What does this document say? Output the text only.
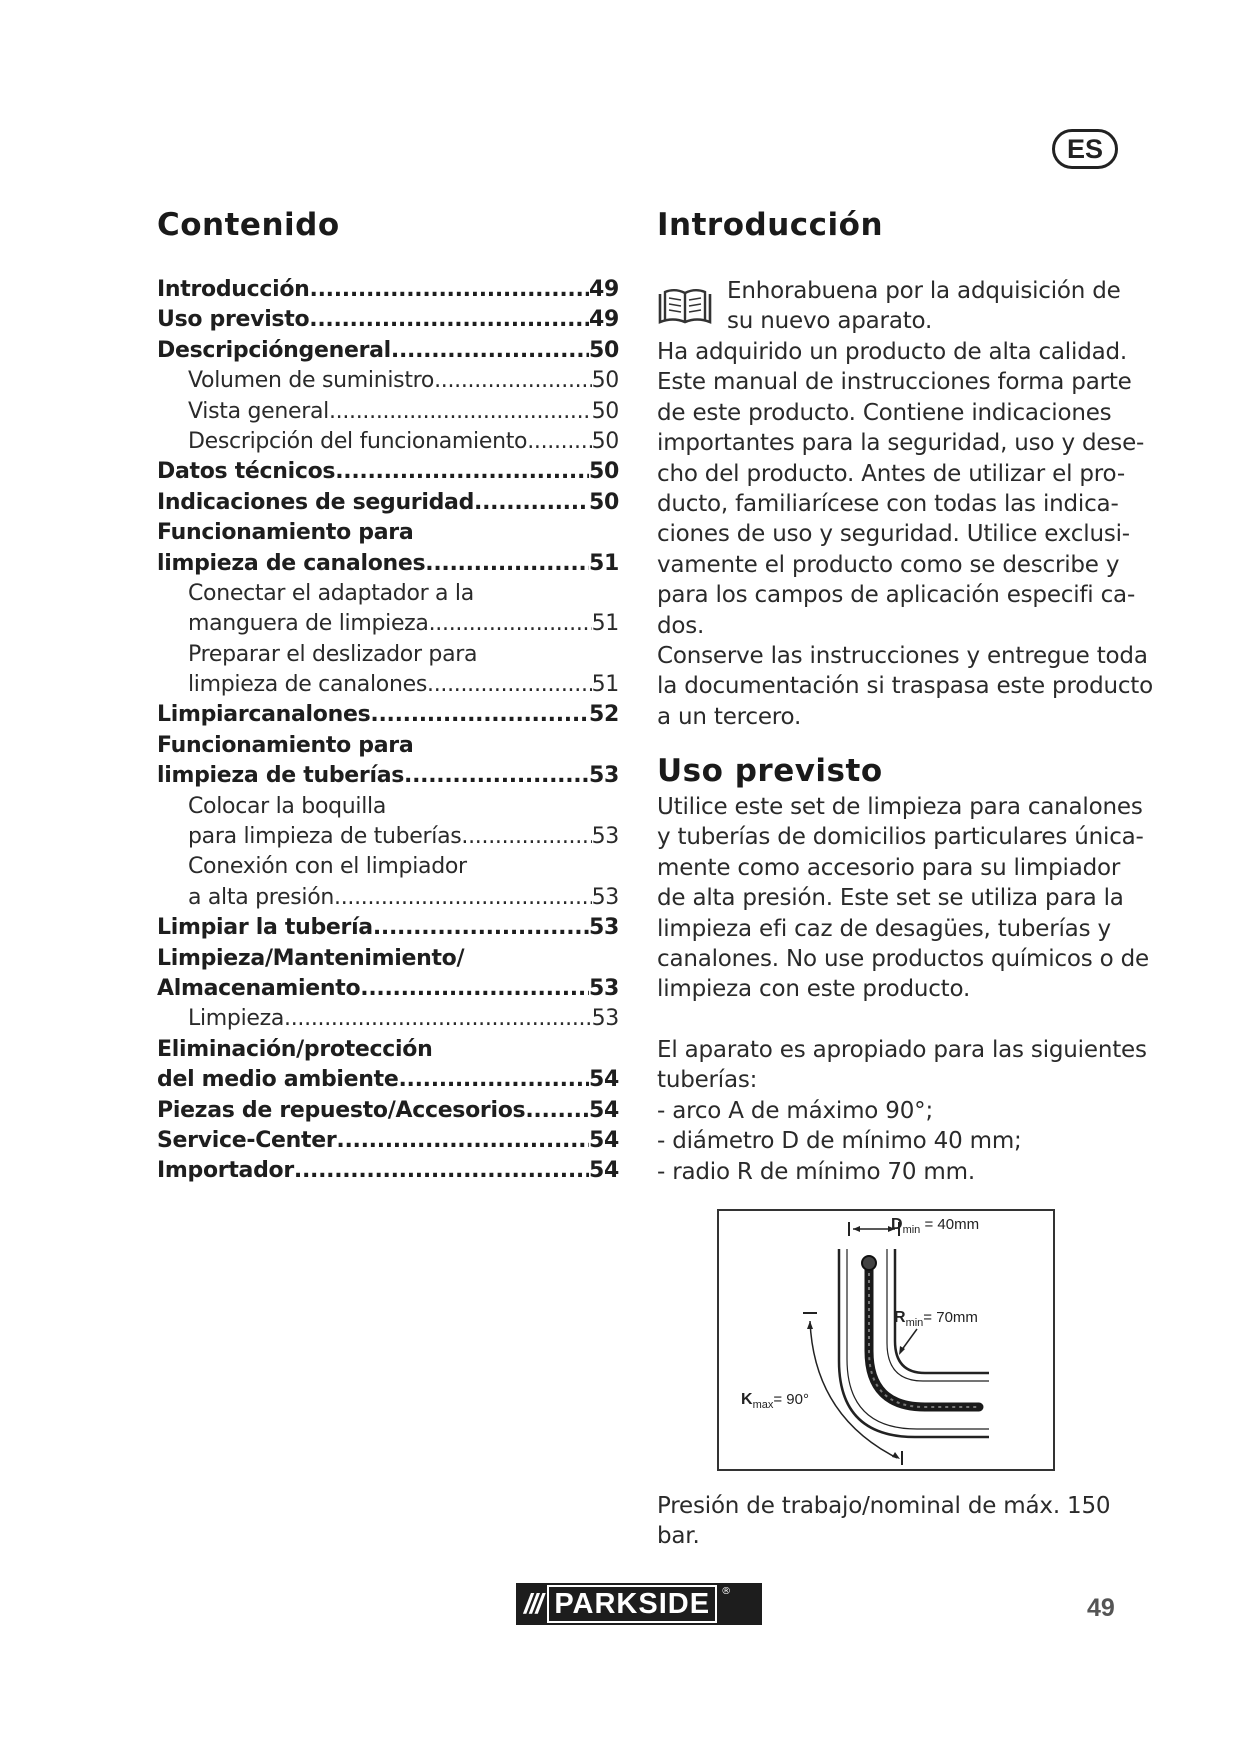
ES
Contenido
Introducción .....	49
Uso previsto .....	49
Descripcióngeneral .....	50
Volumen de suministro .....	50
Vista general .....	50
Descripción del funcionamiento .....	50
Datos técnicos .....	50
Indicaciones de seguridad .....	50
Funcionamiento para
limpieza de canalones .....	51
Conectar el adaptador a la
manguera de limpieza .....	51
Preparar el deslizador para
limpieza de canalones .....	51
Limpiarcanalones .....	52
Funcionamiento para
limpieza de tuberías .....	53
Colocar la boquilla
para limpieza de tuberías .....	53
Conexión con el limpiador
a alta presión .....	53
Limpiar la tubería .....	53
Limpieza/Mantenimiento/
Almacenamiento .....	53
Limpieza .....	53
Eliminación/protección
del medio ambiente .....	54
Piezas de repuesto/Accesorios .....	54
Service-Center .....	54
Importador .....	54
Introducción
Enhorabuena por la adquisición de
su nuevo aparato.
Ha adquirido un producto de alta calidad.
Este manual de instrucciones forma parte
de este producto. Contiene indicaciones
importantes para la seguridad, uso y dese-
cho del producto. Antes de utilizar el pro-
ducto, familiarícese con todas las indica-
ciones de uso y seguridad. Utilice exclusi-
vamente el producto como se describe y
para los campos de aplicación especifi ca-
dos.
Conserve las instrucciones y entregue toda
la documentación si traspasa este producto
a un tercero.
Uso previsto
Utilice este set de limpieza para canalones
y tuberías de domicilios particulares única-
mente como accesorio para su limpiador
de alta presión. Este set se utiliza para la
limpieza efi caz de desagües, tuberías y
canalones. No use productos químicos o de
limpieza con este producto.
El aparato es apropiado para las siguientes
tuberías:
- arco A de máximo 90°;
- diámetro D de mínimo 40 mm;
- radio R de mínimo 70 mm.
Presión de trabajo/nominal de máx. 150
bar.
$D_{min} = 40mm$
$R_{min}= 70mm$
$K_{max}= 90^\circ$
/// PARKSIDE	®
49
